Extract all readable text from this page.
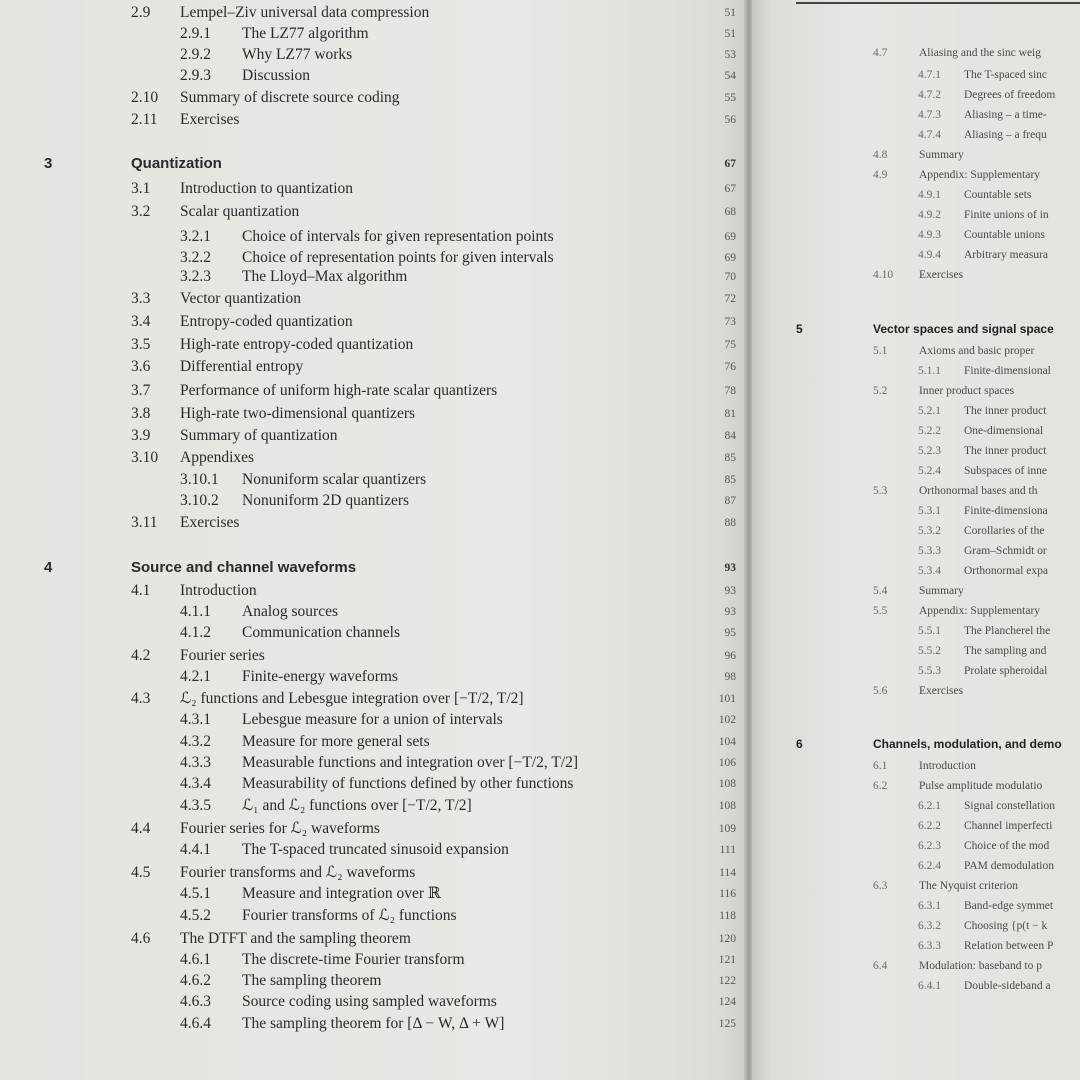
2.9 Lempel–Ziv universal data compression	51
2.9.1 The LZ77 algorithm	51
2.9.2 Why LZ77 works	53
2.9.3 Discussion	54
2.10 Summary of discrete source coding	55
2.11 Exercises	56
3	Quantization	67
3.1 Introduction to quantization	67
3.2 Scalar quantization	68
3.2.1 Choice of intervals for given representation points	69
3.2.2 Choice of representation points for given intervals	69
3.2.3 The Lloyd–Max algorithm	70
3.3 Vector quantization	72
3.4 Entropy-coded quantization	73
3.5 High-rate entropy-coded quantization	75
3.6 Differential entropy	76
3.7 Performance of uniform high-rate scalar quantizers	78
3.8 High-rate two-dimensional quantizers	81
3.9 Summary of quantization	84
3.10 Appendixes	85
3.10.1 Nonuniform scalar quantizers	85
3.10.2 Nonuniform 2D quantizers	87
3.11 Exercises	88
4	Source and channel waveforms	93
4.1 Introduction	93
4.1.1 Analog sources	93
4.1.2 Communication channels	95
4.2 Fourier series	96
4.2.1 Finite-energy waveforms	98
4.3 ℒ₂ functions and Lebesgue integration over [−T/2, T/2]	101
4.3.1 Lebesgue measure for a union of intervals	102
4.3.2 Measure for more general sets	104
4.3.3 Measurable functions and integration over [−T/2, T/2]	106
4.3.4 Measurability of functions defined by other functions	108
4.3.5 ℒ₁ and ℒ₂ functions over [−T/2, T/2]	108
4.4 Fourier series for ℒ₂ waveforms	109
4.4.1 The T-spaced truncated sinusoid expansion	111
4.5 Fourier transforms and ℒ₂ waveforms	114
4.5.1 Measure and integration over ℝ	116
4.5.2 Fourier transforms of ℒ₂ functions	118
4.6 The DTFT and the sampling theorem	120
4.6.1 The discrete-time Fourier transform	121
4.6.2 The sampling theorem	122
4.6.3 Source coding using sampled waveforms	124
4.6.4 The sampling theorem for [Δ − W, Δ + W]	125
4.7	Aliasing and the sinc weig
4.7.1 The T-spaced sinc
4.7.2 Degrees of freedom
4.7.3 Aliasing – a time-
4.7.4 Aliasing – a frequ
4.8	Summary
4.9	Appendix: Supplementary
4.9.1 Countable sets
4.9.2 Finite unions of in
4.9.3 Countable unions
4.9.4 Arbitrary measura
4.10 Exercises
5	Vector spaces and signal space
5.1	Axioms and basic proper
5.1.1 Finite-dimensional
5.2	Inner product spaces
5.2.1 The inner product
5.2.2 One-dimensional
5.2.3 The inner product
5.2.4 Subspaces of inne
5.3	Orthonormal bases and th
5.3.1 Finite-dimensiona
5.3.2 Corollaries of the
5.3.3 Gram–Schmidt or
5.3.4 Orthonormal expa
5.4	Summary
5.5	Appendix: Supplementary
5.5.1 The Plancherel the
5.5.2 The sampling and
5.5.3 Prolate spheroidal
5.6	Exercises
6	Channels, modulation, and demo
6.1	Introduction
6.2	Pulse amplitude modulatio
6.2.1 Signal constellation
6.2.2 Channel imperfecti
6.2.3 Choice of the mod
6.2.4 PAM demodulation
6.3	The Nyquist criterion
6.3.1 Band-edge symmet
6.3.2 Choosing {p(t − k
6.3.3 Relation between P
6.4	Modulation: baseband to p
6.4.1 Double-sideband a
